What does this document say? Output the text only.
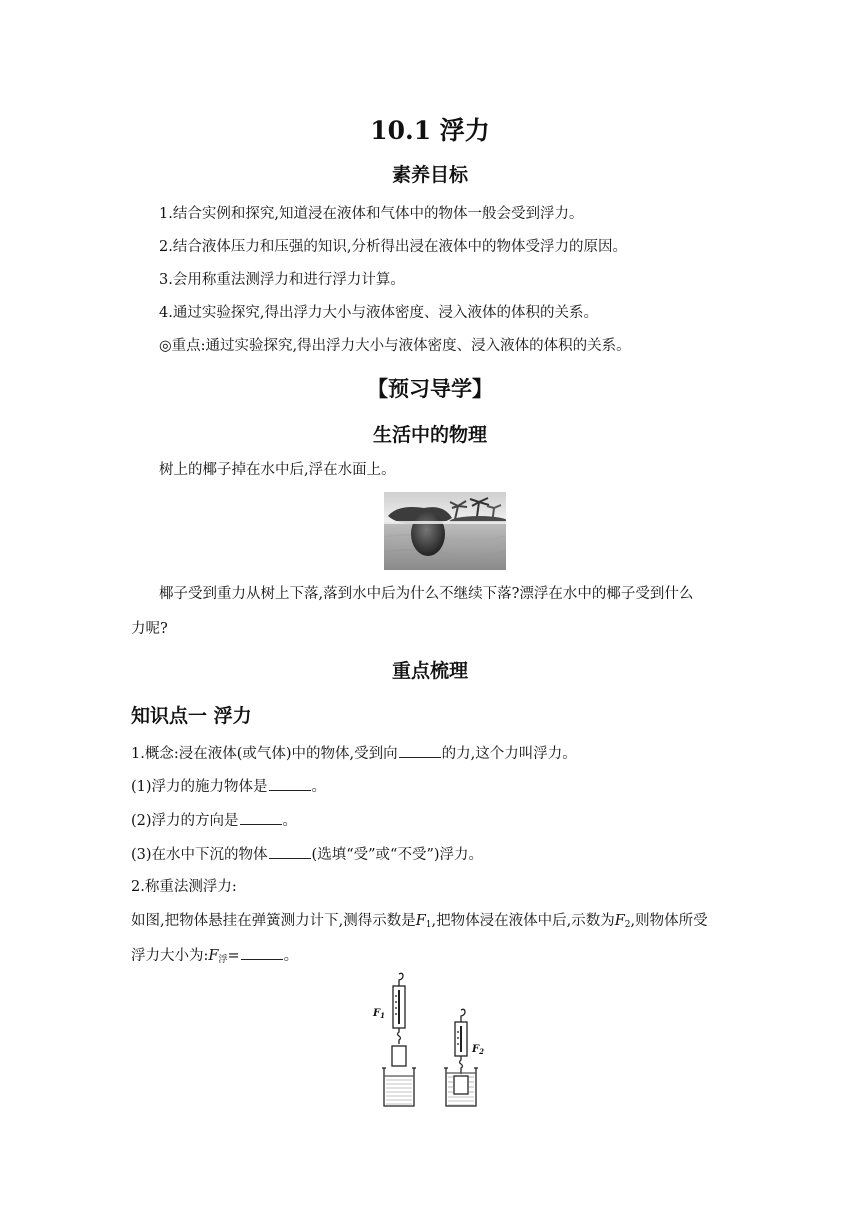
10.1 浮力
素养目标
1.结合实例和探究,知道浸在液体和气体中的物体一般会受到浮力。
2.结合液体压力和压强的知识,分析得出浸在液体中的物体受浮力的原因。
3.会用称重法测浮力和进行浮力计算。
4.通过实验探究,得出浮力大小与液体密度、浸入液体的体积的关系。
◎重点:通过实验探究,得出浮力大小与液体密度、浸入液体的体积的关系。
【预习导学】
生活中的物理
树上的椰子掉在水中后,浮在水面上。
椰子受到重力从树上下落,落到水中后为什么不继续下落?漂浮在水中的椰子受到什么
力呢?
重点梳理
知识点一 浮力
1.概念:浸在液体(或气体)中的物体,受到向	的力,这个力叫浮力。
(1)浮力的施力物体是	。
(2)浮力的方向是	。
(3)在水中下沉的物体	(选填“受”或“不受”)浮力。
2.称重法测浮力:
如图,把物体悬挂在弹簧测力计下,测得示数是$F_1$,把物体浸在液体中后,示数为$F_2$,则物体所受
浮力大小为$:F_浮=$	。
$F_1$
$F_2$
